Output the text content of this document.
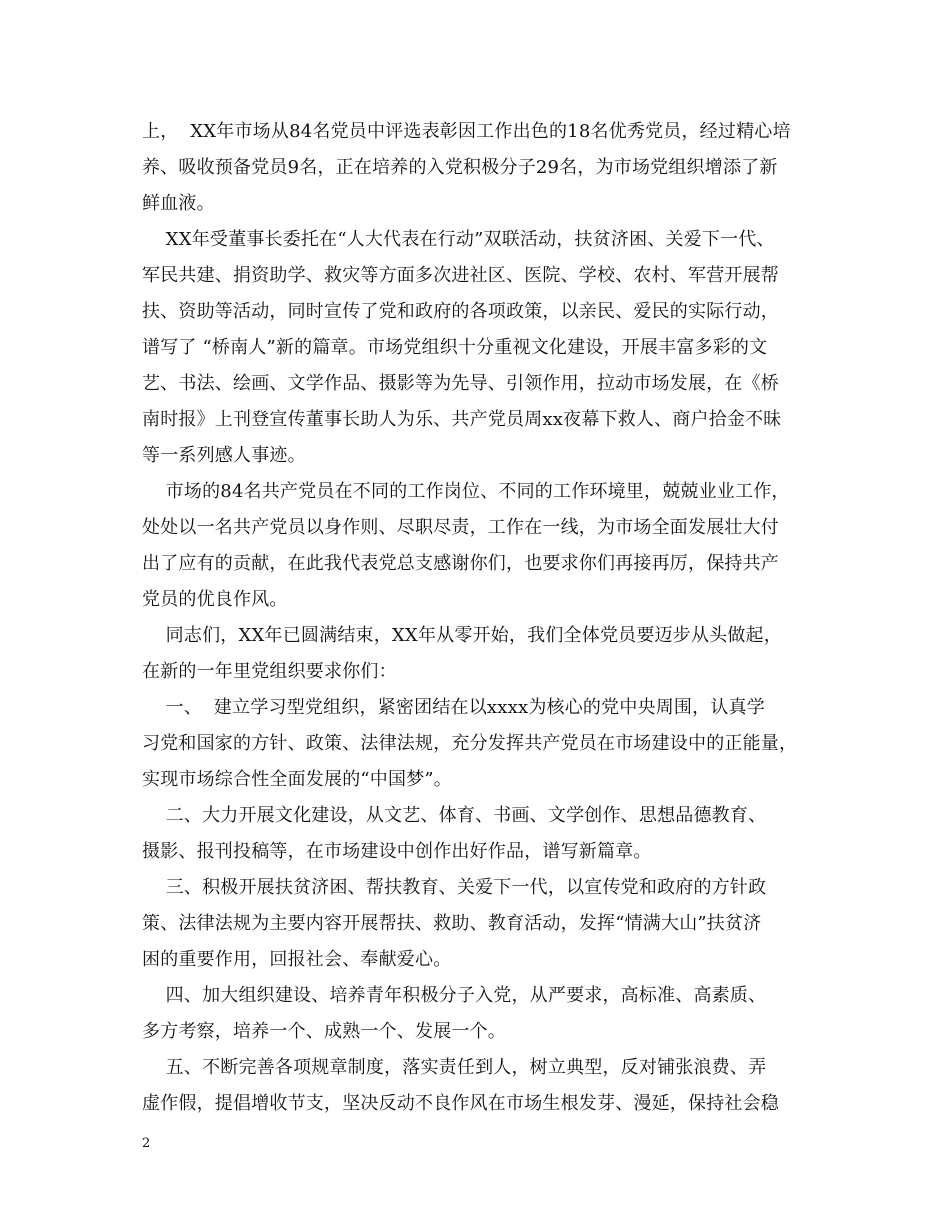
上，  XX年市场从84名党员中评选表彰因工作出色的18名优秀党员，经过精心培

养、吸收预备党员9名，正在培养的入党积极分子29名，为市场党组织增添了新

鲜血液。

XX年受董事长委托在“人大代表在行动”双联活动，扶贫济困、关爱下一代、

军民共建、捐资助学、救灾等方面多次进社区、医院、学校、农村、军营开展帮

扶、资助等活动，同时宣传了党和政府的各项政策，以亲民、爱民的实际行动，

谱写了 “桥南人”新的篇章。市场党组织十分重视文化建设，开展丰富多彩的文

艺、书法、绘画、文学作品、摄影等为先导、引领作用，拉动市场发展，在《桥

南时报》上刊登宣传董事长助人为乐、共产党员周xx夜幕下救人、商户拾金不昧

等一系列感人事迹。

市场的84名共产党员在不同的工作岗位、不同的工作环境里，兢兢业业工作，

处处以一名共产党员以身作则、尽职尽责，工作在一线，为市场全面发展壮大付

出了应有的贡献，在此我代表党总支感谢你们，也要求你们再接再厉，保持共产

党员的优良作风。

同志们，XX年已圆满结束，XX年从零开始，我们全体党员要迈步从头做起，

在新的一年里党组织要求你们：

一、  建立学习型党组织，紧密团结在以xxxx为核心的党中央周围，认真学

习党和国家的方针、政策、法律法规，充分发挥共产党员在市场建设中的正能量，

实现市场综合性全面发展的“中国梦”。

二、大力开展文化建设，从文艺、体育、书画、文学创作、思想品德教育、

摄影、报刊投稿等，在市场建设中创作出好作品，谱写新篇章。

三、积极开展扶贫济困、帮扶教育、关爱下一代，以宣传党和政府的方针政

策、法律法规为主要内容开展帮扶、救助、教育活动，发挥“情满大山”扶贫济

困的重要作用，回报社会、奉献爱心。

四、加大组织建设、培养青年积极分子入党，从严要求，高标准、高素质、

多方考察，培养一个、成熟一个、发展一个。

五、不断完善各项规章制度，落实责任到人，树立典型，反对铺张浪费、弄

虚作假，提倡增收节支，坚决反动不良作风在市场生根发芽、漫延，保持社会稳

2
